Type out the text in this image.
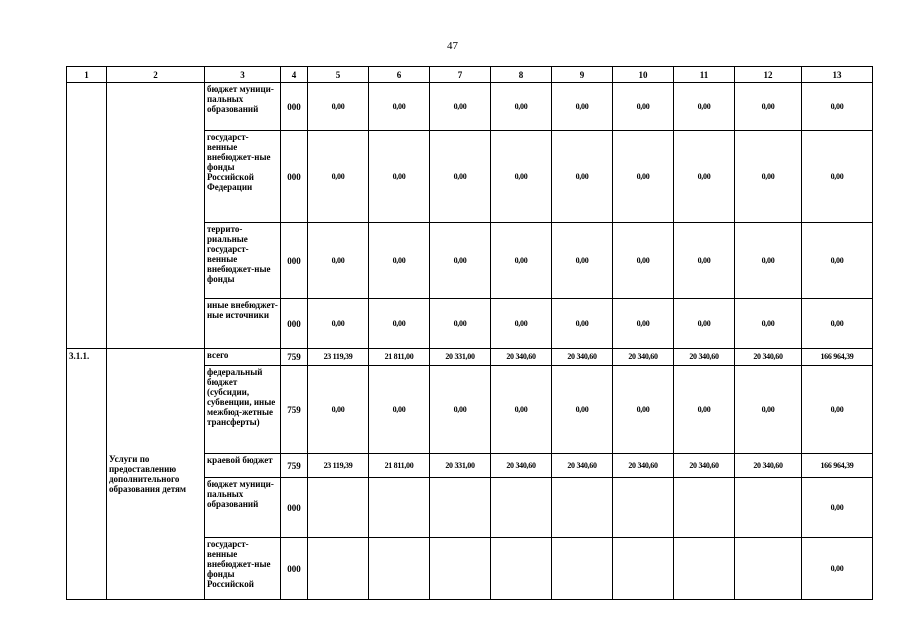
47
1	2	3	4	5	6	7	8	9	10	11	12	13
		бюджет муници-пальных образований	000	0,00	0,00	0,00	0,00	0,00	0,00	0,00	0,00	0,00
		государст-венные внебюджет-ные фонды Российской Федерации	000	0,00	0,00	0,00	0,00	0,00	0,00	0,00	0,00	0,00
		террито-риальные государст-венные внебюджет-ные фонды	000	0,00	0,00	0,00	0,00	0,00	0,00	0,00	0,00	0,00
		иные внебюджет-ные источники	000	0,00	0,00	0,00	0,00	0,00	0,00	0,00	0,00	0,00
3.1.1.	Услуги по предоставлению дополнительного образования детям	всего	759	23 119,39	21 811,00	20 331,00	20 340,60	20 340,60	20 340,60	20 340,60	20 340,60	166 964,39
		федеральный бюджет (субсидии, субвенции, иные межбюд-жетные трансферты)	759	0,00	0,00	0,00	0,00	0,00	0,00	0,00	0,00	0,00
		краевой бюджет	759	23 119,39	21 811,00	20 331,00	20 340,60	20 340,60	20 340,60	20 340,60	20 340,60	166 964,39
		бюджет муници-пальных образований	000									0,00
		государст-венные внебюджет-ные фонды Российской	000									0,00
